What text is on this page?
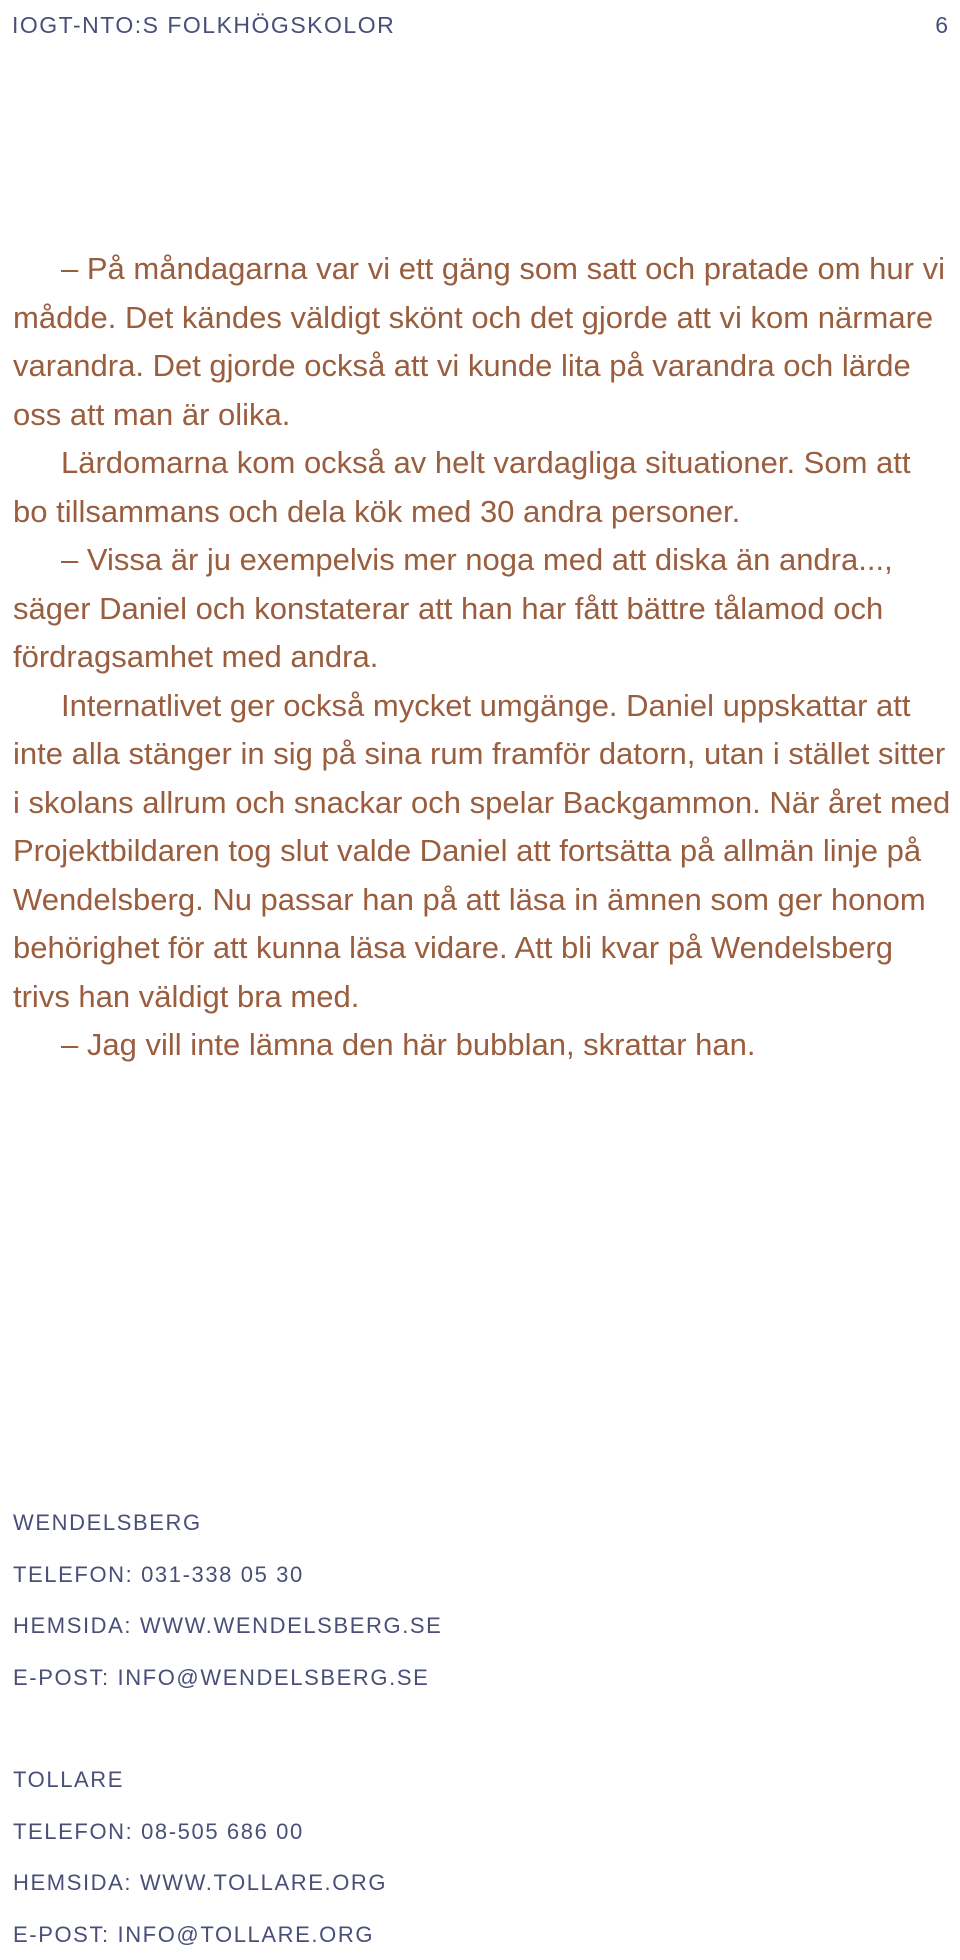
IOGT-NTO:S FOLKHÖGSKOLOR	6

– På måndagarna var vi ett gäng som satt och pratade om hur vi mådde. Det kändes väldigt skönt och det gjorde att vi kom närmare varandra. Det gjorde också att vi kunde lita på varandra och lärde oss att man är olika.

Lärdomarna kom också av helt vardagliga situationer. Som att bo tillsammans och dela kök med 30 andra personer.

– Vissa är ju exempelvis mer noga med att diska än andra..., säger Daniel och konstaterar att han har fått bättre tålamod och fördragsamhet med andra.

Internatlivet ger också mycket umgänge. Daniel uppskattar att inte alla stänger in sig på sina rum framför datorn, utan i stället sitter i skolans allrum och snackar och spelar Backgammon. När året med Projektbildaren tog slut valde Daniel att fortsätta på allmän linje på Wendelsberg. Nu passar han på att läsa in ämnen som ger honom behörighet för att kunna läsa vidare. Att bli kvar på Wendelsberg trivs han väldigt bra med.

– Jag vill inte lämna den här bubblan, skrattar han.

WENDELSBERG
TELEFON: 031-338 05 30
HEMSIDA: WWW.WENDELSBERG.SE
E-POST: INFO@WENDELSBERG.SE
TOLLARE
TELEFON: 08-505 686 00
HEMSIDA: WWW.TOLLARE.ORG
E-POST: INFO@TOLLARE.ORG
